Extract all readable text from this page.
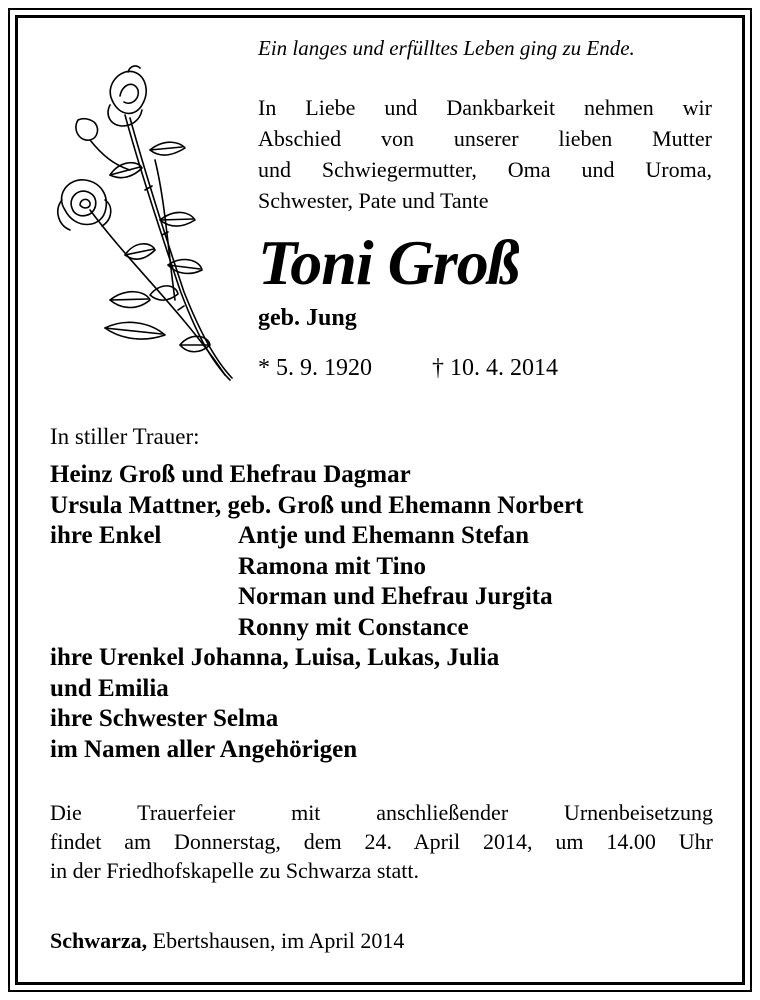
Ein langes und erfülltes Leben ging zu Ende.
In Liebe und Dankbarkeit nehmen wir
Abschied von unserer lieben Mutter
und Schwiegermutter, Oma und Uroma,
Schwester, Pate und Tante
Toni Groß
geb. Jung
* 5. 9. 1920	† 10. 4. 2014
In stiller Trauer:
Heinz Groß und Ehefrau Dagmar
Ursula Mattner, geb. Groß und Ehemann Norbert
ihre Enkel	Antje und Ehemann Stefan
Ramona mit Tino
Norman und Ehefrau Jurgita
Ronny mit Constance
ihre Urenkel Johanna, Luisa, Lukas, Julia
und Emilia
ihre Schwester Selma
im Namen aller Angehörigen
Die Trauerfeier mit anschließender Urnenbeisetzung
findet am Donnerstag, dem 24. April 2014, um 14.00 Uhr
in der Friedhofskapelle zu Schwarza statt.
Schwarza, Ebertshausen, im April 2014
